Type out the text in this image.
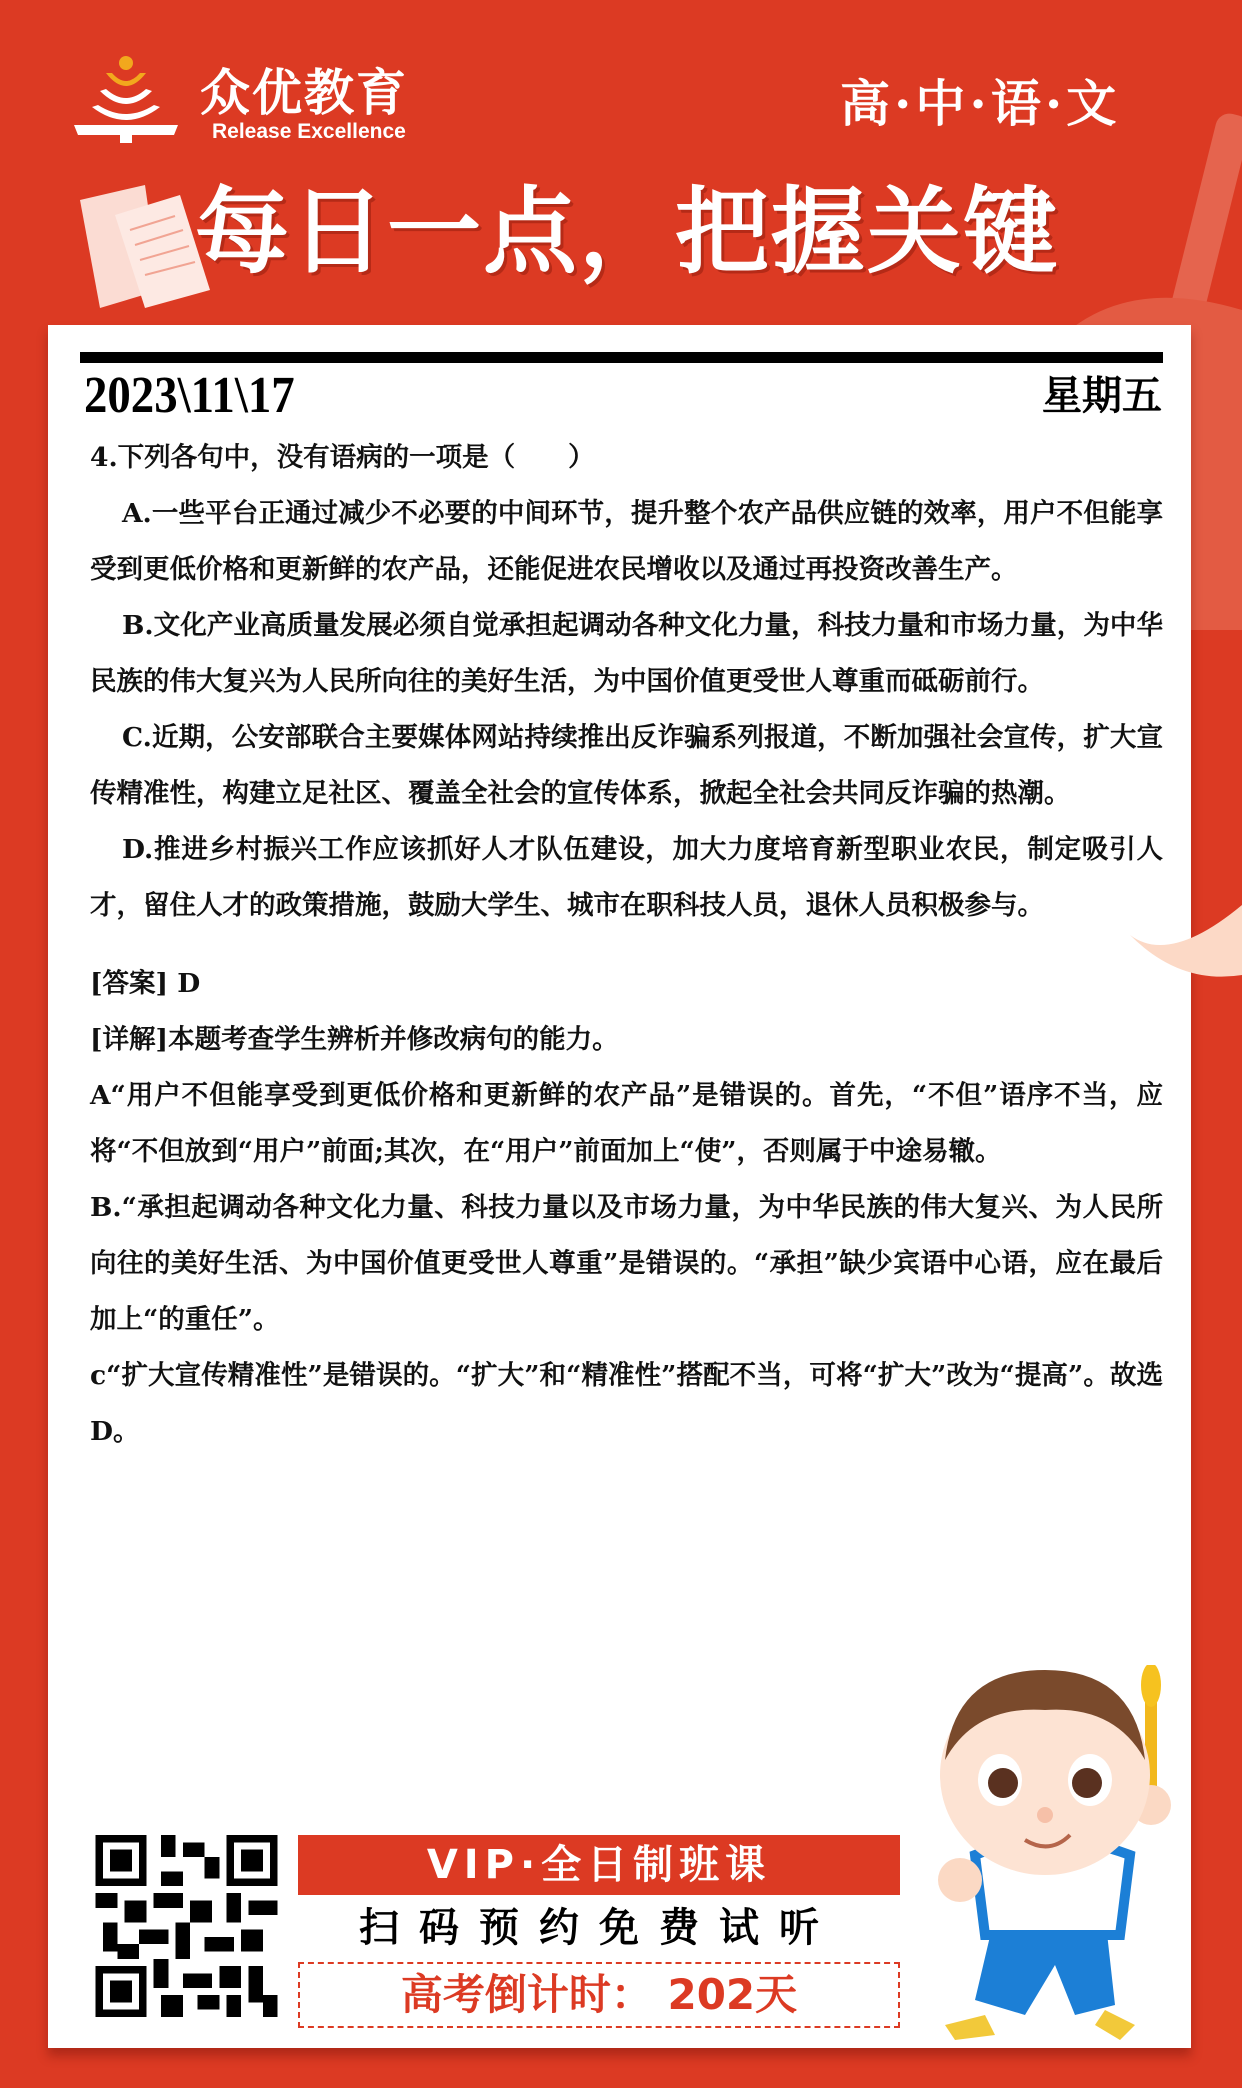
众优教育
Release Excellence	高·中·语·文
每日一点，把握关键
2023\11\17	星期五

4.下列各句中，没有语病的一项是（　　）

A.一些平台正通过减少不必要的中间环节，提升整个农产品供应链的效率，用户不但能享受到更低价格和更新鲜的农产品，还能促进农民增收以及通过再投资改善生产。

B.文化产业高质量发展必须自觉承担起调动各种文化力量，科技力量和市场力量，为中华民族的伟大复兴为人民所向往的美好生活，为中国价值更受世人尊重而砥砺前行。

C.近期，公安部联合主要媒体网站持续推出反诈骗系列报道，不断加强社会宣传，扩大宣传精准性，构建立足社区、覆盖全社会的宣传体系，掀起全社会共同反诈骗的热潮。

D.推进乡村振兴工作应该抓好人才队伍建设，加大力度培育新型职业农民，制定吸引人才，留住人才的政策措施，鼓励大学生、城市在职科技人员，退休人员积极参与。

[答案] D

[详解]本题考查学生辨析并修改病句的能力。

A“用户不但能享受到更低价格和更新鲜的农产品”是错误的。首先，“不但”语序不当，应将“不但放到“用户”前面;其次，在“用户”前面加上“使”，否则属于中途易辙。

B.“承担起调动各种文化力量、科技力量以及市场力量，为中华民族的伟大复兴、为人民所向往的美好生活、为中国价值更受世人尊重”是错误的。“承担”缺少宾语中心语，应在最后加上“的重任”。

c“扩大宣传精准性”是错误的。“扩大”和“精准性”搭配不当，可将“扩大”改为“提高”。故选D。

VIP·全日制班课
扫码预约免费试听
高考倒计时： 202天
